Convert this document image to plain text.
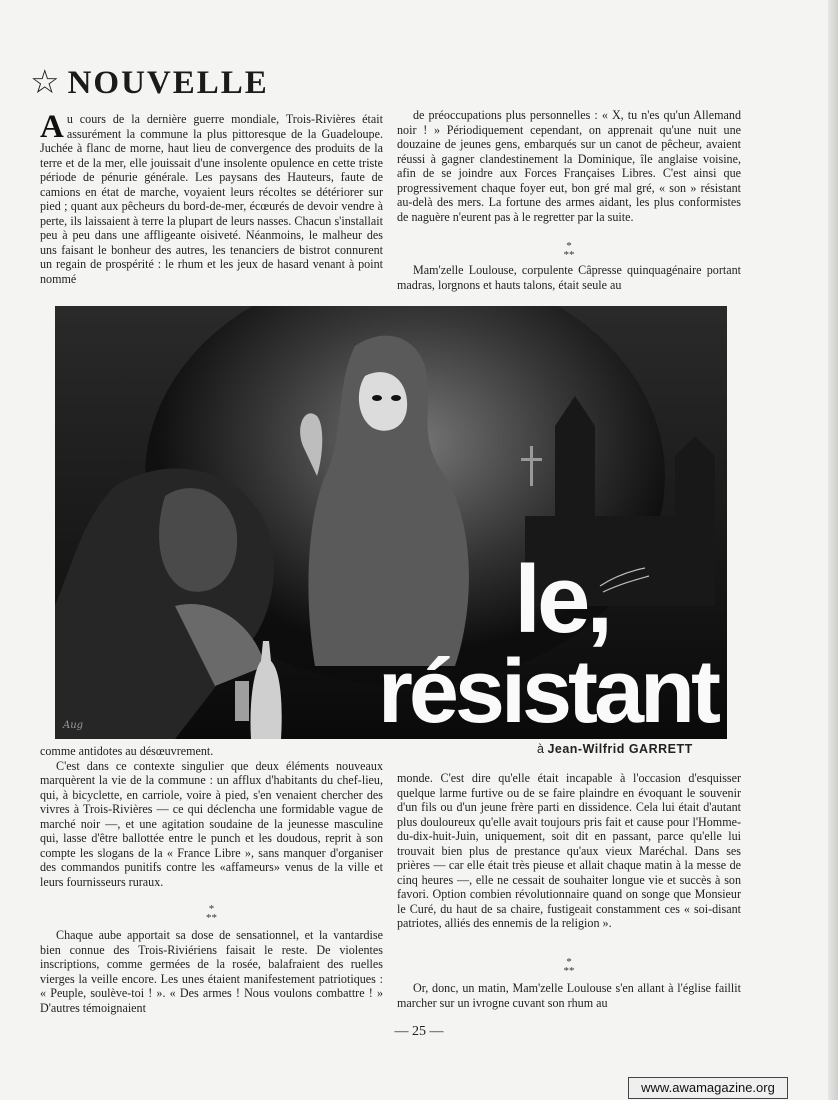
☆ NOUVELLE

Au cours de la dernière guerre mondiale, Trois-Rivières était assurément la commune la plus pittoresque de la Guadeloupe. Juchée à flanc de morne, haut lieu de convergence des produits de la terre et de la mer, elle jouissait d'une insolente opulence en cette triste période de pénurie générale. Les paysans des Hauteurs, faute de camions en état de marche, voyaient leurs récoltes se détériorer sur pied ; quant aux pêcheurs du bord-de-mer, écœurés de devoir vendre à perte, ils laissaient à terre la plupart de leurs nasses. Chacun s'installait peu à peu dans une affligeante oisiveté. Néanmoins, le malheur des uns faisant le bonheur des autres, les tenanciers de bistrot connurent un regain de prospérité : le rhum et les jeux de hasard venant à point nommé

de préoccupations plus personnelles : « X, tu n'es qu'un Allemand noir ! » Périodiquement cependant, on apprenait qu'une nuit une douzaine de jeunes gens, embarqués sur un canot de pêcheur, avaient réussi à gagner clandestinement la Dominique, île anglaise voisine, afin de se joindre aux Forces Françaises Libres. C'est ainsi que progressivement chaque foyer eut, bon gré mal gré, « son » résistant au-delà des mers. La fortune des armes aidant, les plus conformistes de naguère n'eurent pas à le regretter par la suite.

*
**

Mam'zelle Loulouse, corpulente Câpresse quinquagénaire portant madras, lorgnons et hauts talons, était seule au

le,
résistant
Aug
à Jean-Wilfrid GARRETT

comme antidotes au désœuvrement.

C'est dans ce contexte singulier que deux éléments nouveaux marquèrent la vie de la commune : un afflux d'habitants du chef-lieu, qui, à bicyclette, en carriole, voire à pied, s'en venaient chercher des vivres à Trois-Rivières — ce qui déclencha une formidable vague de marché noir —, et une agitation soudaine de la jeunesse masculine qui, lasse d'être ballottée entre le punch et les doudous, reprit à son compte les slogans de la « France Libre », sans manquer d'organiser des commandos punitifs contre les «affameurs» venus de la ville et leurs fournisseurs ruraux.

*
**

Chaque aube apportait sa dose de sensationnel, et la vantardise bien connue des Trois-Riviériens faisait le reste. De violentes inscriptions, comme germées de la rosée, balafraient des ruelles vierges la veille encore. Les unes étaient manifestement patriotiques : « Peuple, soulève-toi ! ». « Des armes ! Nous voulons combattre ! » D'autres témoignaient

monde. C'est dire qu'elle était incapable à l'occasion d'esquisser quelque larme furtive ou de se faire plaindre en évoquant le souvenir d'un fils ou d'un jeune frère parti en dissidence. Cela lui était d'autant plus douloureux qu'elle avait toujours pris fait et cause pour l'Homme-du-dix-huit-Juin, uniquement, soit dit en passant, parce qu'elle lui trouvait bien plus de prestance qu'aux vieux Maréchal. Dans ses prières — car elle était très pieuse et allait chaque matin à la messe de cinq heures —, elle ne cessait de souhaiter longue vie et succès à son favori. Option combien révolutionnaire quand on songe que Monsieur le Curé, du haut de sa chaire, fustigeait constamment ces « soi-disant patriotes, alliés des ennemis de la religion ».

*
**

Or, donc, un matin, Mam'zelle Loulouse s'en allant à l'église faillit marcher sur un ivrogne cuvant son rhum au

— 25 —
www.awamagazine.org
